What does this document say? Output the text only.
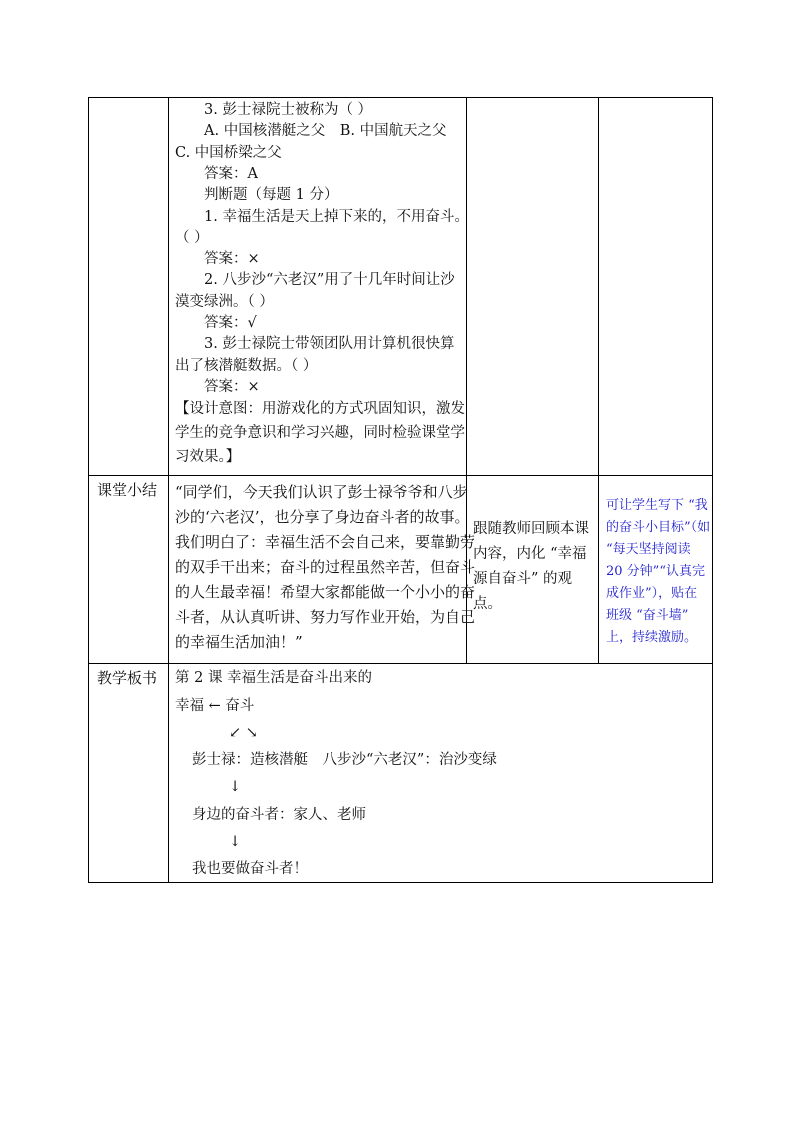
3. 彭士禄院士被称为（ ）
A. 中国核潜艇之父　B. 中国航天之父
C. 中国桥梁之父
答案：A
判断题（每题 1 分）
1. 幸福生活是天上掉下来的，不用奋斗。
（ ）
答案：×
2. 八步沙“六老汉”用了十几年时间让沙
漠变绿洲。（ ）
答案：√
3. 彭士禄院士带领团队用计算机很快算
出了核潜艇数据。（ ）
答案：×
【设计意图：用游戏化的方式巩固知识，激发
学生的竞争意识和学习兴趣，同时检验课堂学
习效果。】
课堂小结 “同学们，今天我们认识了彭士禄爷爷和八步
沙的‘六老汉’，也分享了身边奋斗者的故事。
我们明白了：幸福生活不会自己来，要靠勤劳
的双手干出来；奋斗的过程虽然辛苦，但奋斗
的人生最幸福！希望大家都能做一个小小的奋
斗者，从认真听讲、努力写作业开始，为自己
的幸福生活加油！”
跟随教师回顾本课
内容，内化 “幸福
源自奋斗” 的观
点。
可让学生写下 “我
的奋斗小目标”（如
“每天坚持阅读
20 分钟”“认真完
成作业”），贴在
班级 “奋斗墙”
上，持续激励。
教学板书 第 2 课 幸福生活是奋斗出来的
幸福 ← 奋斗
↙ ↘
彭士禄：造核潜艇　八步沙“六老汉”：治沙变绿
↓
身边的奋斗者：家人、老师
↓
我也要做奋斗者！
